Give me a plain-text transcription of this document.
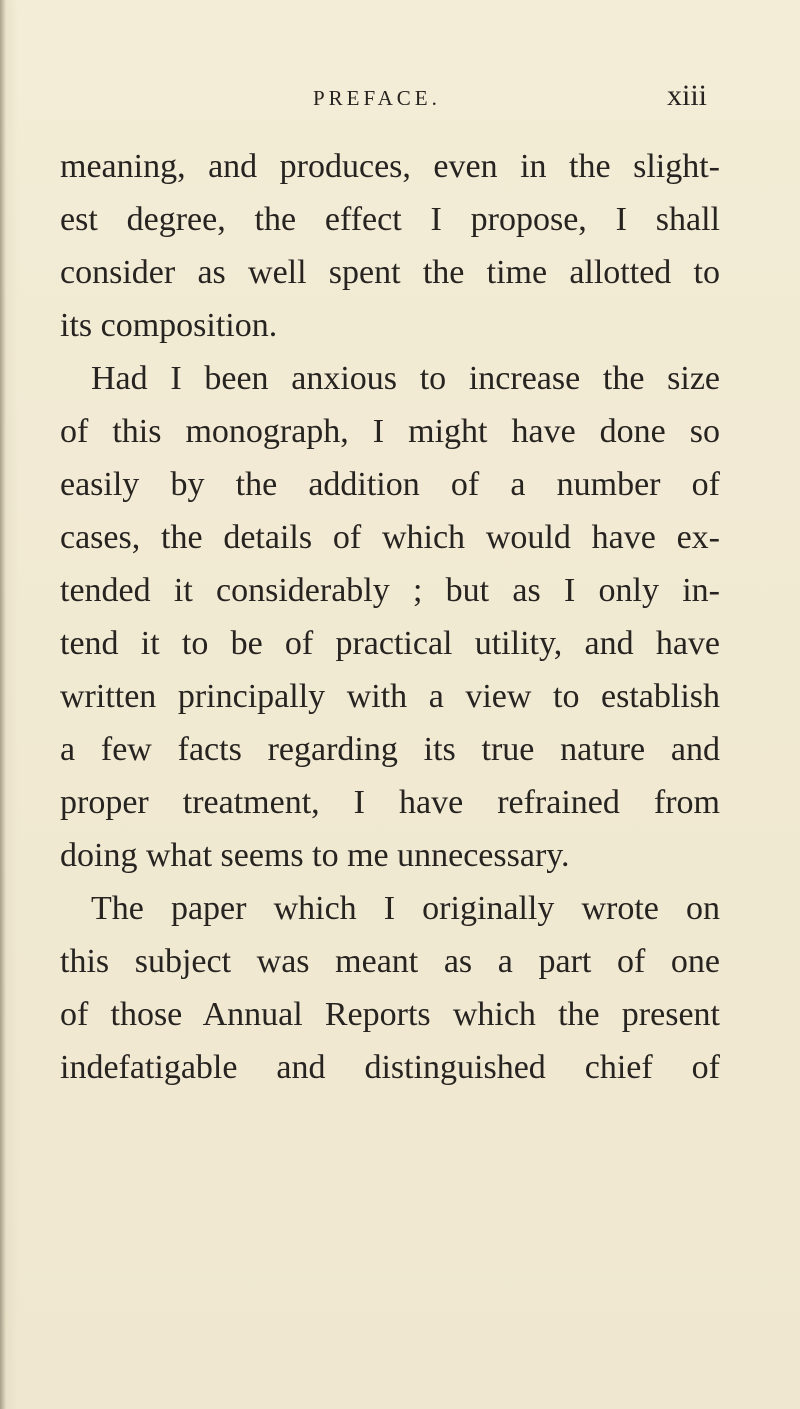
PREFACE.	xiii
meaning, and produces, even in the slight-
est degree, the effect I propose, I shall
consider as well spent the time allotted to
its composition.
Had I been anxious to increase the size
of this monograph, I might have done so
easily by the addition of a number of
cases, the details of which would have ex-
tended it considerably ; but as I only in-
tend it to be of practical utility, and have
written principally with a view to establish
a few facts regarding its true nature and
proper treatment, I have refrained from
doing what seems to me unnecessary.
The paper which I originally wrote on
this subject was meant as a part of one
of those Annual Reports which the present
indefatigable and distinguished chief of
